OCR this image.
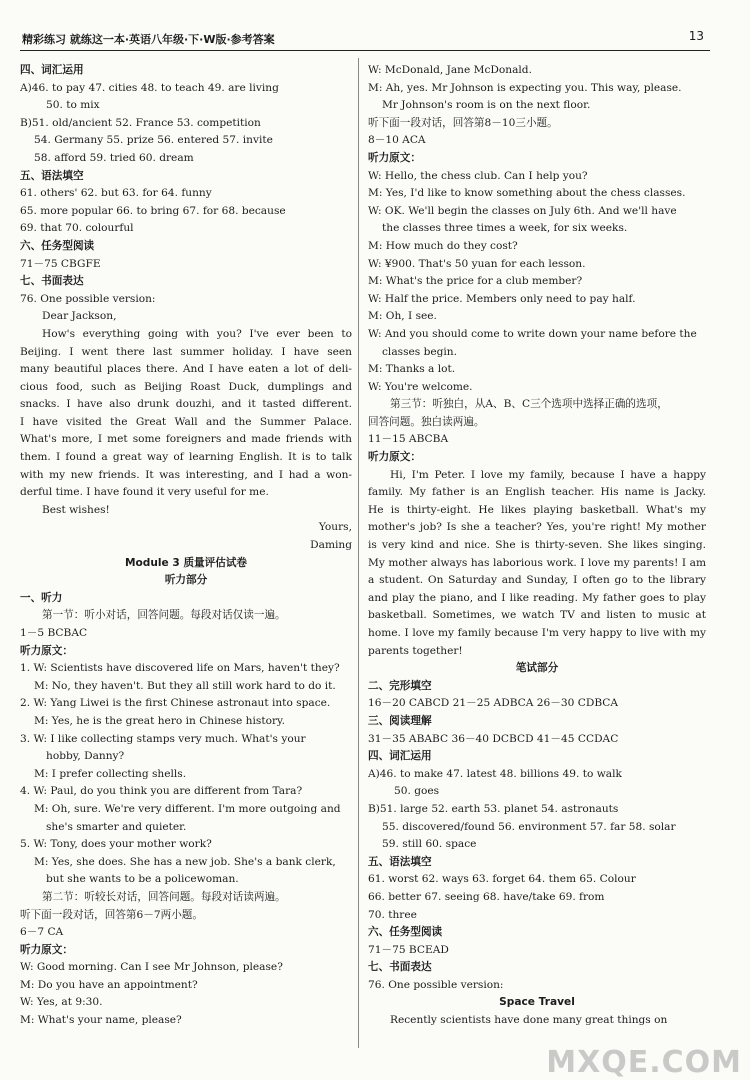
精彩练习 就练这一本·英语八年级·下·W版·参考答案	13
四、词汇运用
A)46. to pay 47. cities 48. to teach 49. are living
50. to mix
B)51. old/ancient 52. France 53. competition
54. Germany 55. prize 56. entered 57. invite
58. afford 59. tried 60. dream
五、语法填空
61. others' 62. but 63. for 64. funny
65. more popular 66. to bring 67. for 68. because
69. that 70. colourful
六、任务型阅读
71－75 CBGFE
七、书面表达
76. One possible version:
Dear Jackson,
How's everything going with you? I've ever been to
Beijing. I went there last summer holiday. I have seen
many beautiful places there. And I have eaten a lot of deli-
cious food, such as Beijing Roast Duck, dumplings and
snacks. I have also drunk douzhi, and it tasted different.
I have visited the Great Wall and the Summer Palace.
What's more, I met some foreigners and made friends with
them. I found a great way of learning English. It is to talk
with my new friends. It was interesting, and I had a won-
derful time. I have found it very useful for me.
Best wishes!
Yours,
Daming
Module 3 质量评估试卷
听力部分
一、听力
第一节：听小对话，回答问题。每段对话仅读一遍。
1－5 BCBAC
听力原文：
1. W: Scientists have discovered life on Mars, haven't they?
M: No, they haven't. But they all still work hard to do it.
2. W: Yang Liwei is the first Chinese astronaut into space.
M: Yes, he is the great hero in Chinese history.
3. W: I like collecting stamps very much. What's your
hobby, Danny?
M: I prefer collecting shells.
4. W: Paul, do you think you are different from Tara?
M: Oh, sure. We're very different. I'm more outgoing and
she's smarter and quieter.
5. W: Tony, does your mother work?
M: Yes, she does. She has a new job. She's a bank clerk,
but she wants to be a policewoman.
第二节：听较长对话，回答问题。每段对话读两遍。
听下面一段对话，回答第6－7两小题。
6－7 CA
听力原文：
W: Good morning. Can I see Mr Johnson, please?
M: Do you have an appointment?
W: Yes, at 9:30.
M: What's your name, please?
W: McDonald, Jane McDonald.
M: Ah, yes. Mr Johnson is expecting you. This way, please.
Mr Johnson's room is on the next floor.
听下面一段对话，回答第8－10三小题。
8－10 ACA
听力原文：
W: Hello, the chess club. Can I help you?
M: Yes, I'd like to know something about the chess classes.
W: OK. We'll begin the classes on July 6th. And we'll have
the classes three times a week, for six weeks.
M: How much do they cost?
W: ¥900. That's 50 yuan for each lesson.
M: What's the price for a club member?
W: Half the price. Members only need to pay half.
M: Oh, I see.
W: And you should come to write down your name before the
classes begin.
M: Thanks a lot.
W: You're welcome.
第三节：听独白，从A、B、C三个选项中选择正确的选项，
回答问题。独白读两遍。
11－15 ABCBA
听力原文：
Hi, I'm Peter. I love my family, because I have a happy
family. My father is an English teacher. His name is Jacky.
He is thirty-eight. He likes playing basketball. What's my
mother's job? Is she a teacher? Yes, you're right! My mother
is very kind and nice. She is thirty-seven. She likes singing.
My mother always has laborious work. I love my parents! I am
a student. On Saturday and Sunday, I often go to the library
and play the piano, and I like reading. My father goes to play
basketball. Sometimes, we watch TV and listen to music at
home. I love my family because I'm very happy to live with my
parents together!
笔试部分
二、完形填空
16－20 CABCD 21－25 ADBCA 26－30 CDBCA
三、阅读理解
31－35 ABABC 36－40 DCBCD 41－45 CCDAC
四、词汇运用
A)46. to make 47. latest 48. billions 49. to walk
50. goes
B)51. large 52. earth 53. planet 54. astronauts
55. discovered/found 56. environment 57. far 58. solar
59. still 60. space
五、语法填空
61. worst 62. ways 63. forget 64. them 65. Colour
66. better 67. seeing 68. have/take 69. from
70. three
六、任务型阅读
71－75 BCEAD
七、书面表达
76. One possible version:
Space Travel
Recently scientists have done many great things on
MXQE.COM
